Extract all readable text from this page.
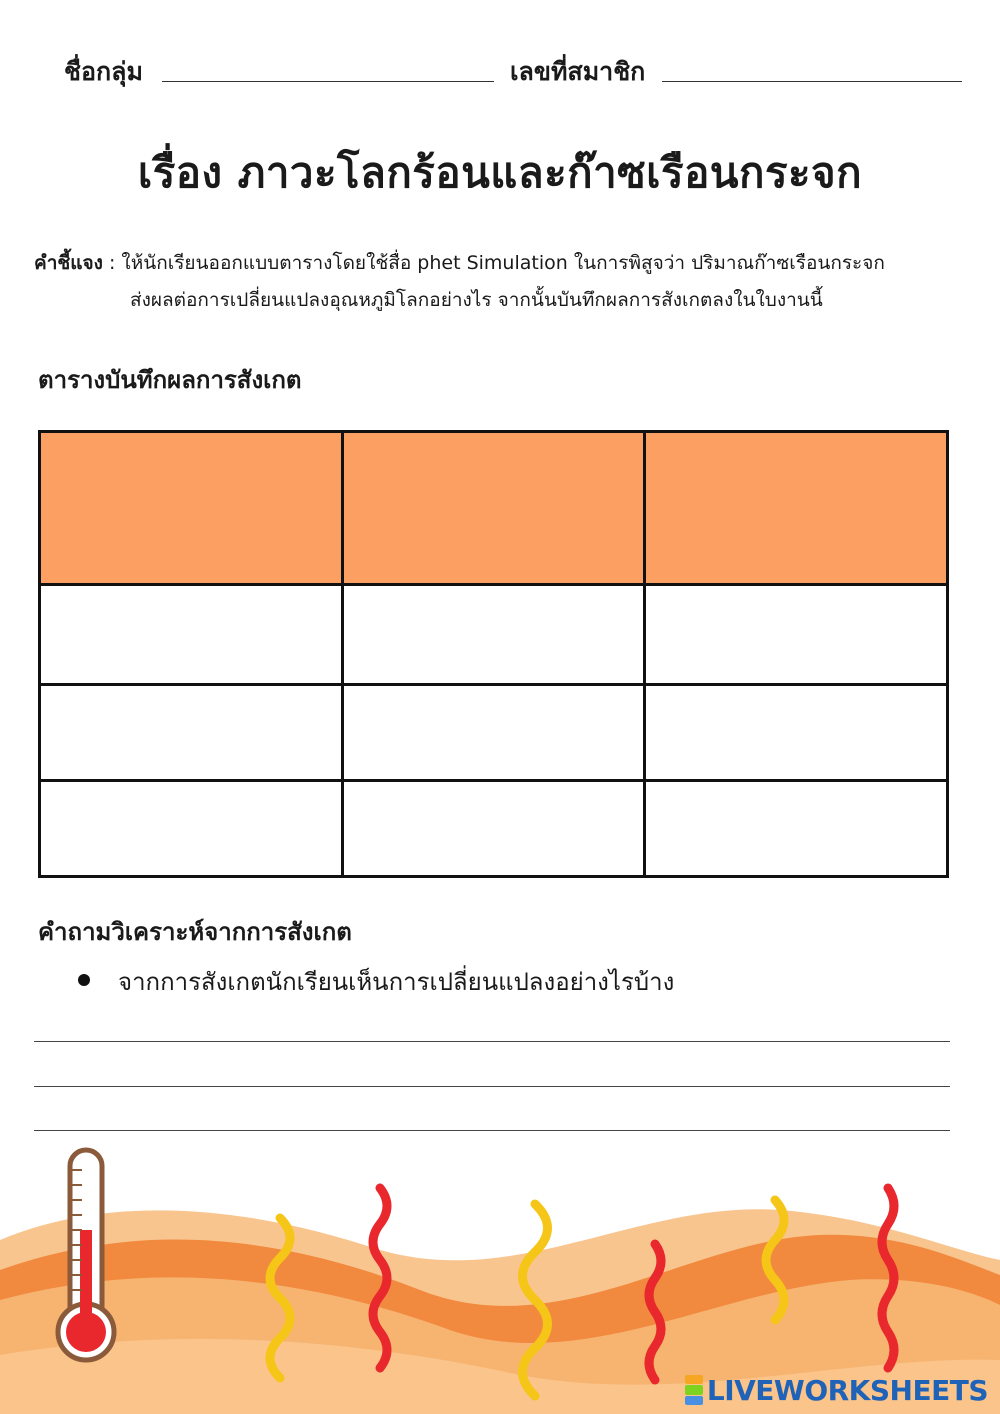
ชื่อกลุ่ม	เลขที่สมาชิก
เรื่อง ภาวะโลกร้อนและก๊าซเรือนกระจก
คำชี้แจง : ให้นักเรียนออกแบบตารางโดยใช้สื่อ phet Simulation ในการพิสูจว่า ปริมาณก๊าซเรือนกระจก
ส่งผลต่อการเปลี่ยนแปลงอุณหภูมิโลกอย่างไร จากนั้นบันทึกผลการสังเกตลงในใบงานนี้
ตารางบันทึกผลการสังเกต

คำถามวิเคราะห์จากการสังเกต
จากการสังเกตนักเรียนเห็นการเปลี่ยนแปลงอย่างไรบ้าง
LIVEWORKSHEETS
